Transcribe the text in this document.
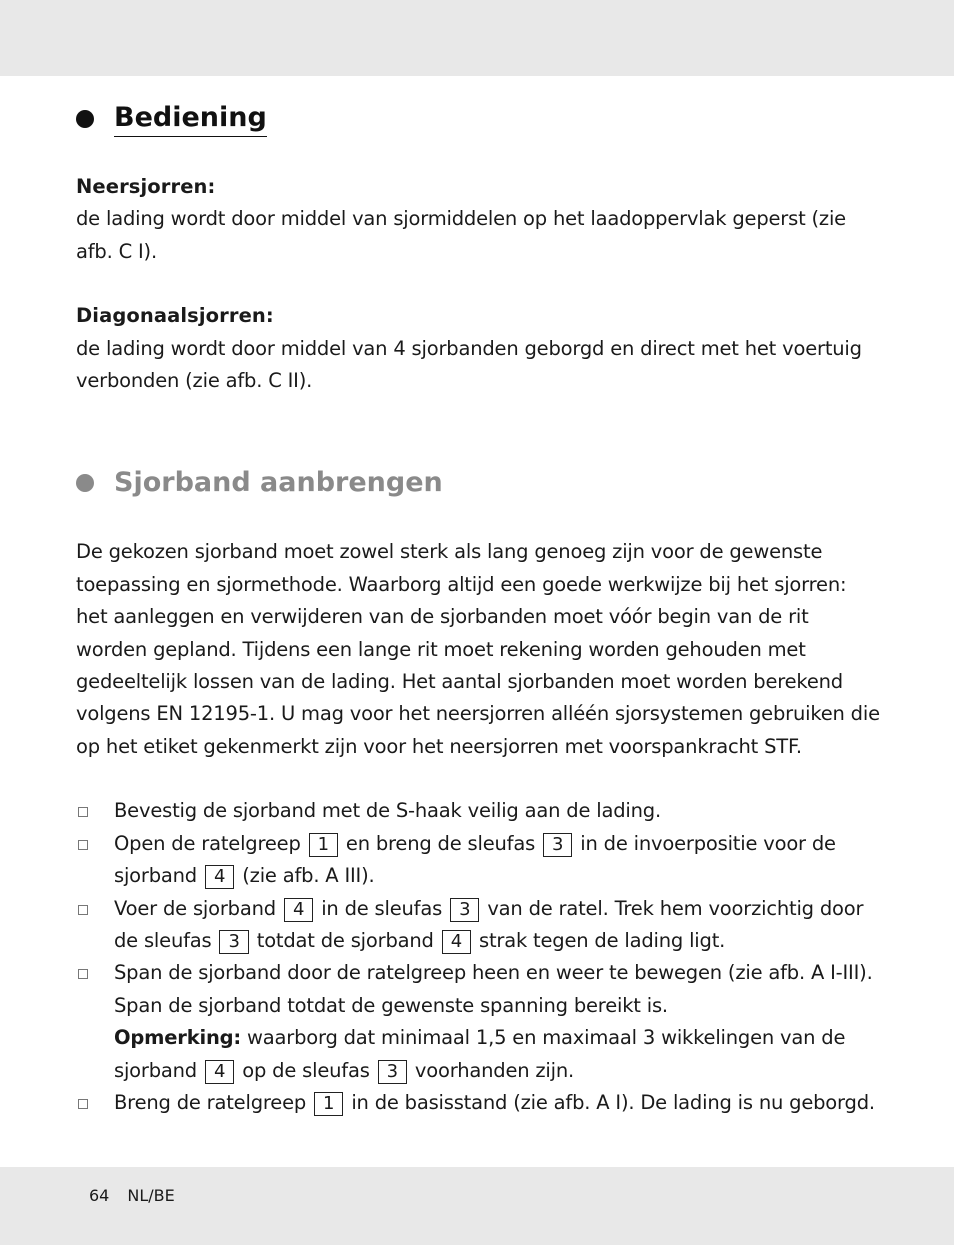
Bediening
Neersjorren:
de lading wordt door middel van sjormiddelen op het laadoppervlak geperst (zie afb. C I).
Diagonaalsjorren:
de lading wordt door middel van 4 sjorbanden geborgd en direct met het voertuig verbonden (zie afb. C II).
Sjorband aanbrengen

De gekozen sjorband moet zowel sterk als lang genoeg zijn voor de gewenste toepassing en sjormethode. Waarborg altijd een goede werkwijze bij het sjorren: het aanleggen en verwijderen van de sjorbanden moet vóór begin van de rit worden gepland. Tijdens een lange rit moet rekening worden gehouden met gedeeltelijk lossen van de lading. Het aantal sjorbanden moet worden berekend volgens EN 12195-1. U mag voor het neersjorren alléén sjorsystemen gebruiken die op het etiket gekenmerkt zijn voor het neersjorren met voorspankracht STF.

Bevestig de sjorband met de S-haak veilig aan de lading.
Open de ratelgreep 1 en breng de sleufas 3 in de invoerpositie voor de sjorband 4 (zie afb. A III).
Voer de sjorband 4 in de sleufas 3 van de ratel. Trek hem voorzichtig door de sleufas 3 totdat de sjorband 4 strak tegen de lading ligt.
Span de sjorband door de ratelgreep heen en weer te bewegen (zie afb. A I-III). Span de sjorband totdat de gewenste spanning bereikt is.
Opmerking: waarborg dat minimaal 1,5 en maximaal 3 wikkelingen van de sjorband 4 op de sleufas 3 voorhanden zijn.
Breng de ratelgreep 1 in de basisstand (zie afb. A I). De lading is nu geborgd.
64 NL/BE
